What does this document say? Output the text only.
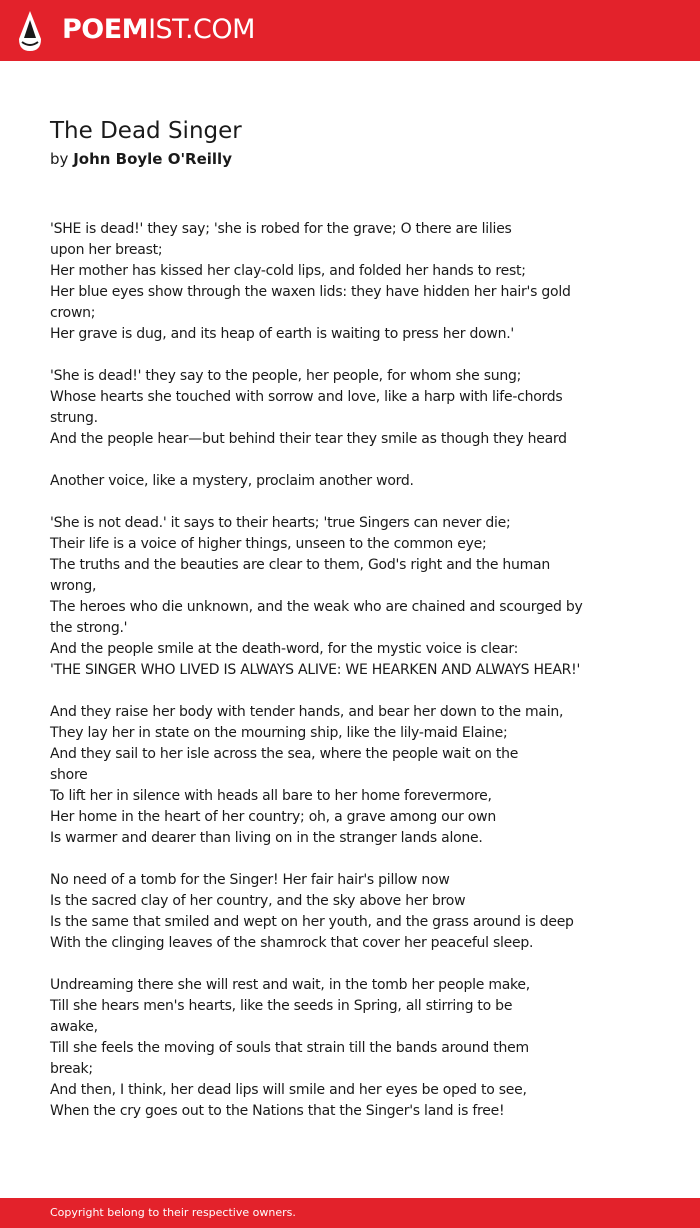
POEMIST.COM
The Dead Singer
by John Boyle O'Reilly
'SHE is dead!' they say; 'she is robed for the grave; O there are lilies
upon her breast;
Her mother has kissed her clay-cold lips, and folded her hands to rest;
Her blue eyes show through the waxen lids: they have hidden her hair's gold
crown;
Her grave is dug, and its heap of earth is waiting to press her down.'
'She is dead!' they say to the people, her people, for whom she sung;
Whose hearts she touched with sorrow and love, like a harp with life-chords
strung.
And the people hear—but behind their tear they smile as though they heard
Another voice, like a mystery, proclaim another word.
'She is not dead.' it says to their hearts; 'true Singers can never die;
Their life is a voice of higher things, unseen to the common eye;
The truths and the beauties are clear to them, God's right and the human
wrong,
The heroes who die unknown, and the weak who are chained and scourged by
the strong.'
And the people smile at the death-word, for the mystic voice is clear:
'THE SINGER WHO LIVED IS ALWAYS ALIVE: WE HEARKEN AND ALWAYS HEAR!'
And they raise her body with tender hands, and bear her down to the main,
They lay her in state on the mourning ship, like the lily-maid Elaine;
And they sail to her isle across the sea, where the people wait on the
shore
To lift her in silence with heads all bare to her home forevermore,
Her home in the heart of her country; oh, a grave among our own
Is warmer and dearer than living on in the stranger lands alone.
No need of a tomb for the Singer! Her fair hair's pillow now
Is the sacred clay of her country, and the sky above her brow
Is the same that smiled and wept on her youth, and the grass around is deep
With the clinging leaves of the shamrock that cover her peaceful sleep.
Undreaming there she will rest and wait, in the tomb her people make,
Till she hears men's hearts, like the seeds in Spring, all stirring to be
awake,
Till she feels the moving of souls that strain till the bands around them
break;
And then, I think, her dead lips will smile and her eyes be oped to see,
When the cry goes out to the Nations that the Singer's land is free!
Copyright belong to their respective owners.
